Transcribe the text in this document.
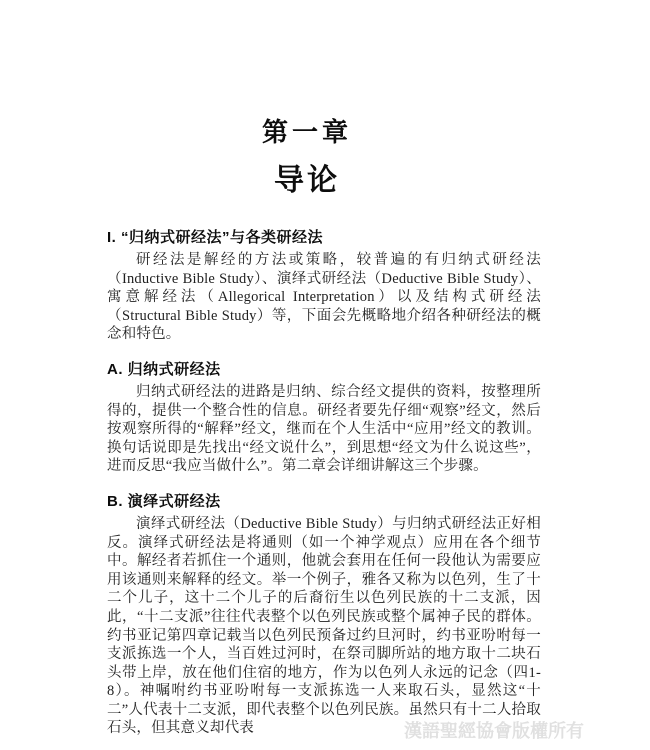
第一章
导论
I. “归纳式研经法”与各类研经法

研经法是解经的方法或策略，较普遍的有归纳式研经法（Inductive Bible Study）、演绎式研经法（Deductive Bible Study）、寓意解经法（Allegorical Interpretation）以及结构式研经法（Structural Bible Study）等，下面会先概略地介绍各种研经法的概念和特色。

A. 归纳式研经法

归纳式研经法的进路是归纳、综合经文提供的资料，按整理所得的，提供一个整合性的信息。研经者要先仔细“观察”经文，然后按观察所得的“解释”经文，继而在个人生活中“应用”经文的教训。换句话说即是先找出“经文说什么”，到思想“经文为什么说这些”，进而反思“我应当做什么”。第二章会详细讲解这三个步骤。

B. 演绎式研经法

演绎式研经法（Deductive Bible Study）与归纳式研经法正好相反。演绎式研经法是将通则（如一个神学观点）应用在各个细节中。解经者若抓住一个通则，他就会套用在任何一段他认为需要应用该通则来解释的经文。举一个例子，雅各又称为以色列，生了十二个儿子，这十二个儿子的后裔衍生以色列民族的十二支派，因此，“十二支派”往往代表整个以色列民族或整个属神子民的群体。约书亚记第四章记载当以色列民预备过约旦河时，约书亚吩咐每一支派拣选一个人，当百姓过河时，在祭司脚所站的地方取十二块石头带上岸，放在他们住宿的地方，作为以色列人永远的记念（四1-8）。神嘱咐约书亚吩咐每一支派拣选一人来取石头，显然这“十二”人代表十二支派，即代表整个以色列民族。虽然只有十二人拾取石头，但其意义却代表	漢語聖經協會版權所有
